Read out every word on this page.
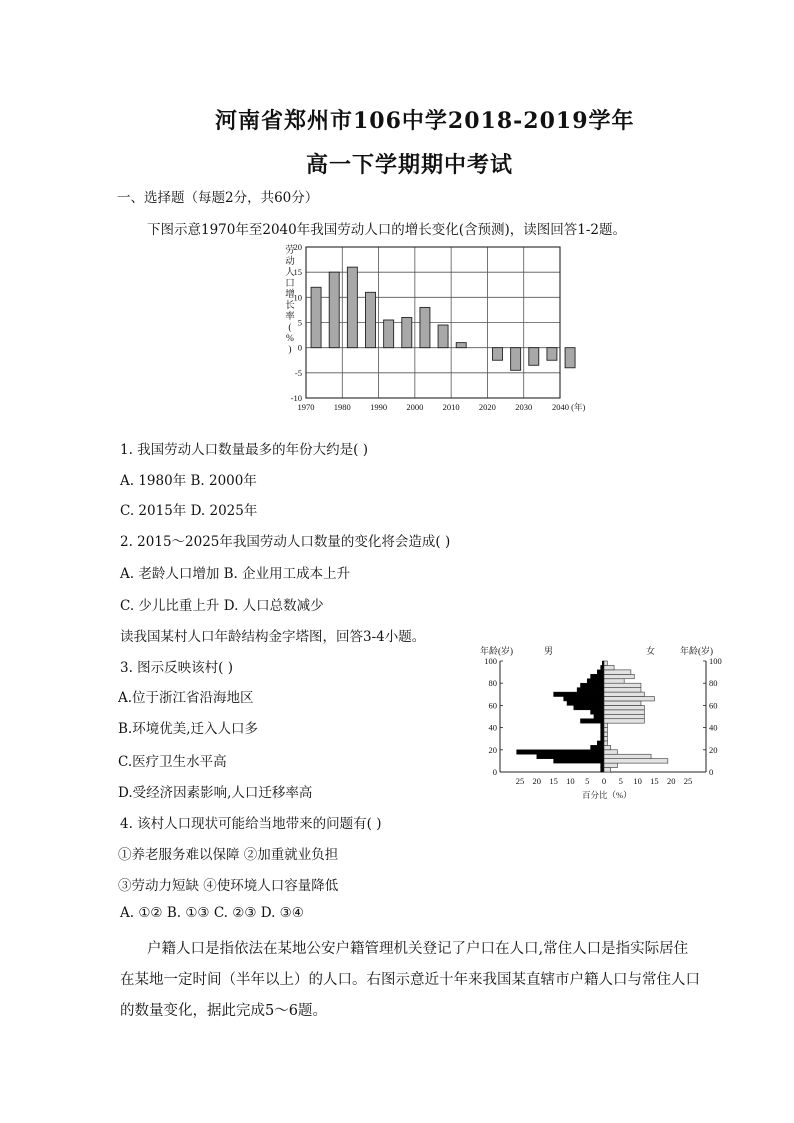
河南省郑州市106中学2018-2019学年
高一下学期期中考试
一、选择题（每题2分，共60分）
下图示意1970年至2040年我国劳动人口的增长变化(含预测)，读图回答1-2题。
20
15
10
5
0
-5
-10
1970 1980 1990 2000 2010 2020 2030 2040 (年)
劳
动
人
口
增
长
率
(
%
)
1. 我国劳动人口数量最多的年份大约是( )
A. 1980年 B. 2000年
C. 2015年 D. 2025年
2. 2015～2025年我国劳动人口数量的变化将会造成( )
A. 老龄人口增加 B. 企业用工成本上升
C. 少儿比重上升 D. 人口总数减少
读我国某村人口年龄结构金字塔图，回答3-4小题。
3. 图示反映该村( )
A.位于浙江省沿海地区
B.环境优美,迁入人口多
C.医疗卫生水平高
D.受经济因素影响,人口迁移率高
4. 该村人口现状可能给当地带来的问题有( )
①养老服务难以保障 ②加重就业负担
③劳动力短缺 ④使环境人口容量降低
A. ①② B. ①③ C. ②③ D. ③④
户籍人口是指依法在某地公安户籍管理机关登记了户口在人口,常住人口是指实际居住
在某地一定时间（半年以上）的人口。右图示意近十年来我国某直辖市户籍人口与常住人口
的数量变化，据此完成5～6题。
年龄(岁)	男	女	年龄(岁)
100	100
80	80
60	60
40	40
20	20
0	0
25 20 15 10 5 0 5 10 15 20 25
百分比（%）
